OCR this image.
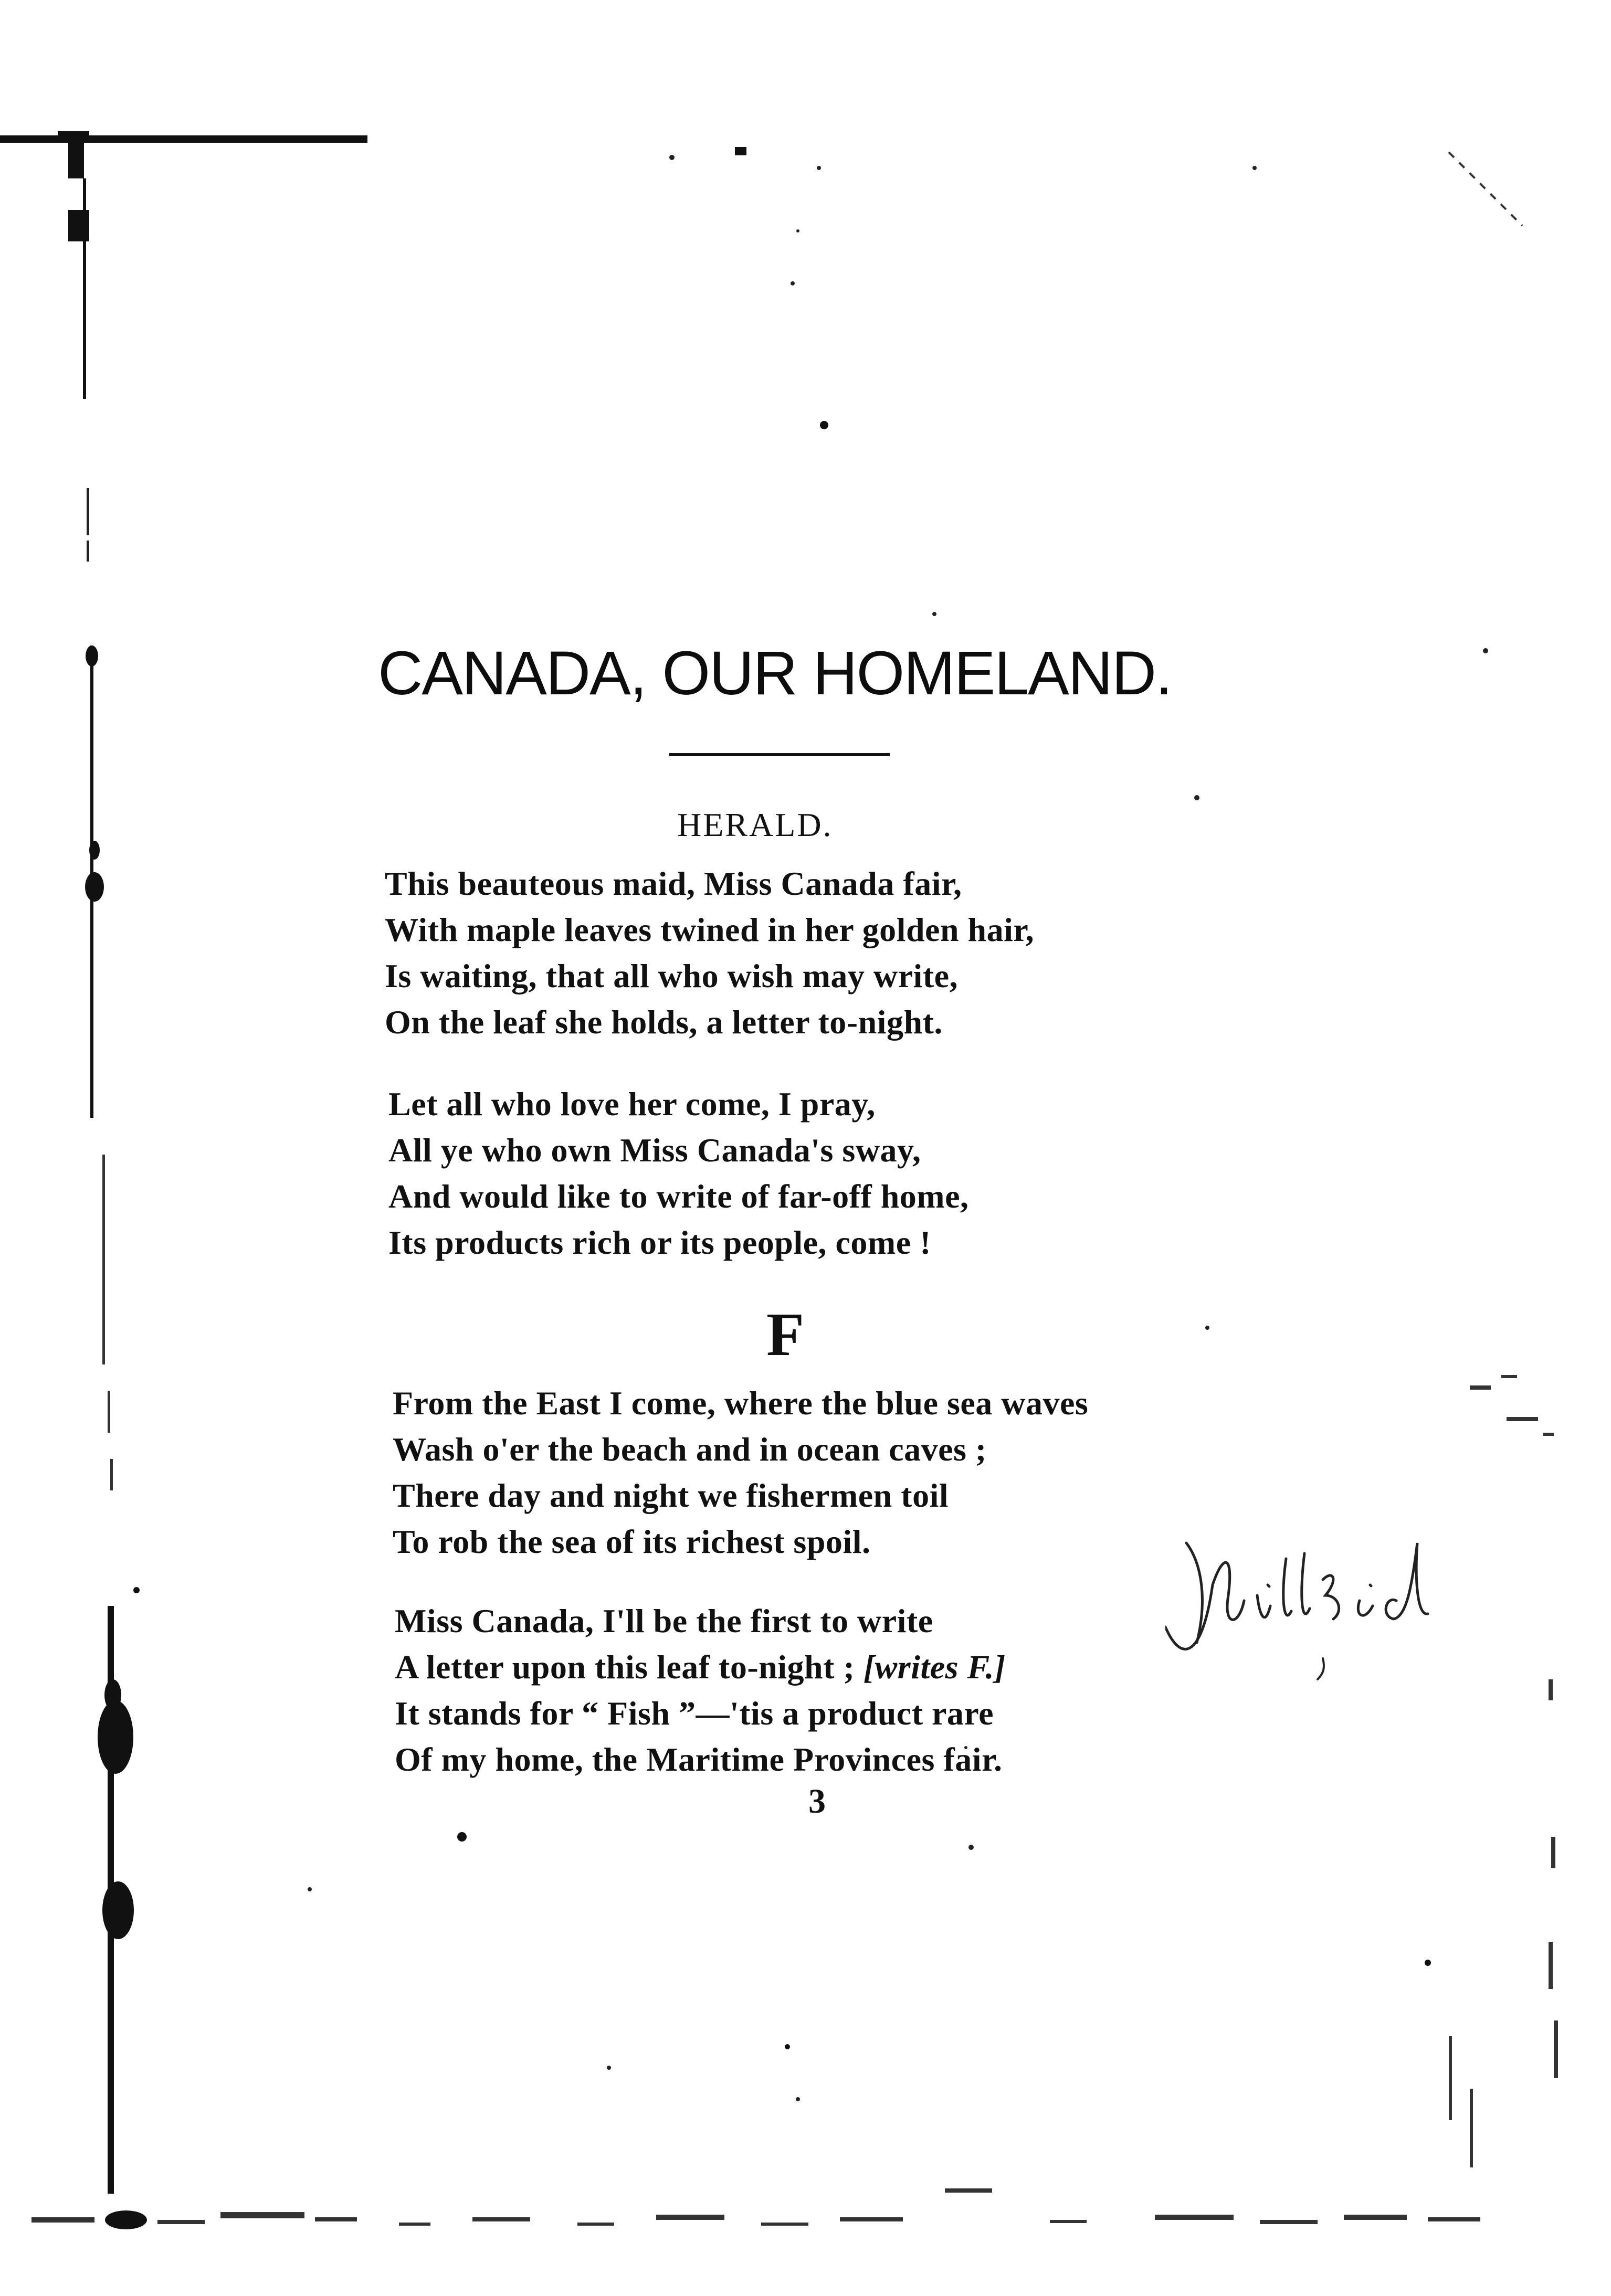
CANADA, OUR HOMELAND.
HERALD.
This beauteous maid, Miss Canada fair,
With maple leaves twined in her golden hair,
Is waiting, that all who wish may write,
On the leaf she holds, a letter to-night.
Let all who love her come, I pray,
All ye who own Miss Canada's sway,
And would like to write of far-off home,
Its products rich or its people, come !
F
From the East I come, where the blue sea waves
Wash o'er the beach and in ocean caves ;
There day and night we fishermen toil
To rob the sea of its richest spoil.
Miss Canada, I'll be the first to write
A letter upon this leaf to-night ; [writes F.]
It stands for “ Fish ”—'tis a product rare
Of my home, the Maritime Provinces fair.
3
